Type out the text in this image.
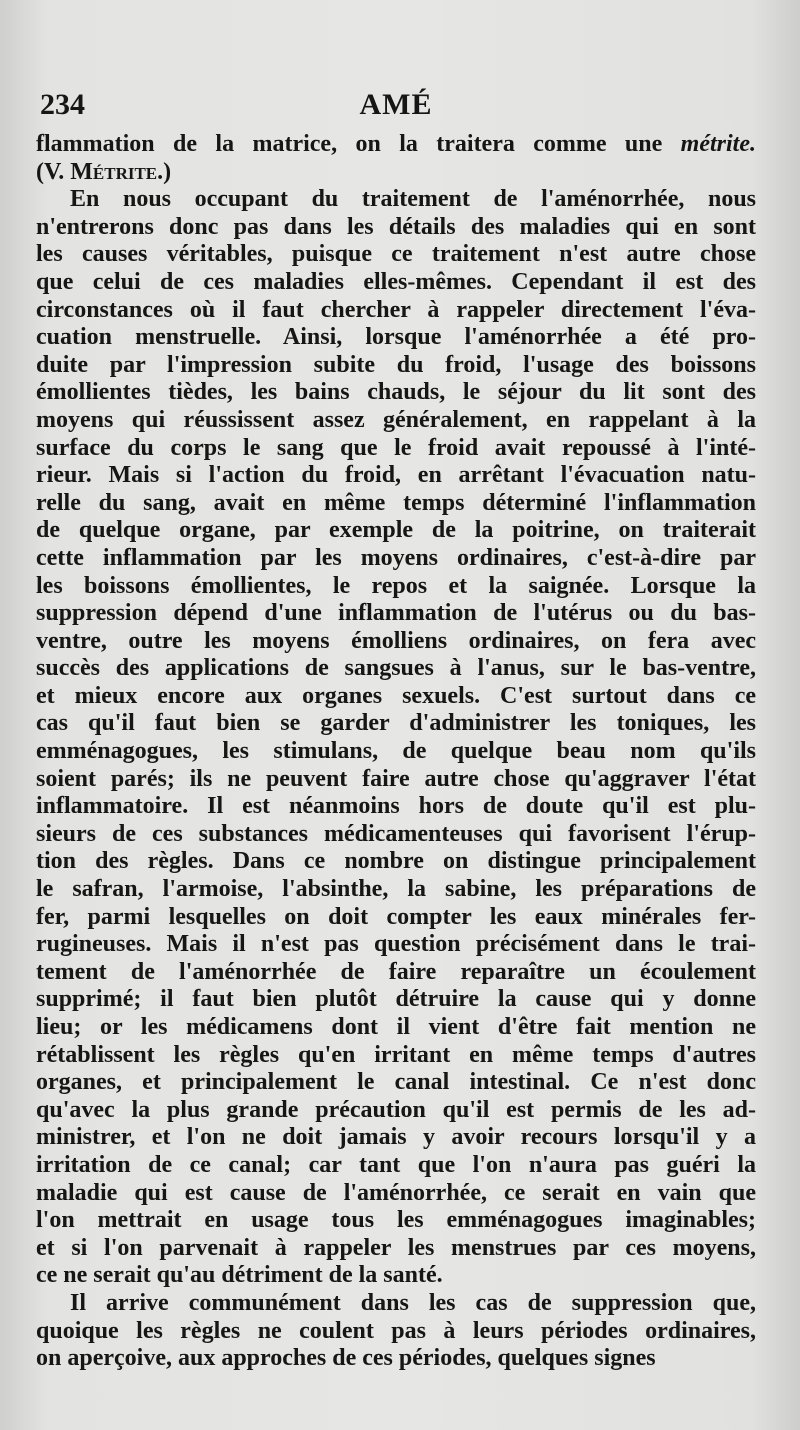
234	AMÉ
flammation de la matrice, on la traitera comme une métrite.
(V. Métrite.)
En nous occupant du traitement de l'aménorrhée, nous
n'entrerons donc pas dans les détails des maladies qui en sont
les causes véritables, puisque ce traitement n'est autre chose
que celui de ces maladies elles-mêmes. Cependant il est des
circonstances où il faut chercher à rappeler directement l'éva-
cuation menstruelle. Ainsi, lorsque l'aménorrhée a été pro-
duite par l'impression subite du froid, l'usage des boissons
émollientes tièdes, les bains chauds, le séjour du lit sont des
moyens qui réussissent assez généralement, en rappelant à la
surface du corps le sang que le froid avait repoussé à l'inté-
rieur. Mais si l'action du froid, en arrêtant l'évacuation natu-
relle du sang, avait en même temps déterminé l'inflammation
de quelque organe, par exemple de la poitrine, on traiterait
cette inflammation par les moyens ordinaires, c'est-à-dire par
les boissons émollientes, le repos et la saignée. Lorsque la
suppression dépend d'une inflammation de l'utérus ou du bas-
ventre, outre les moyens émolliens ordinaires, on fera avec
succès des applications de sangsues à l'anus, sur le bas-ventre,
et mieux encore aux organes sexuels. C'est surtout dans ce
cas qu'il faut bien se garder d'administrer les toniques, les
emménagogues, les stimulans, de quelque beau nom qu'ils
soient parés; ils ne peuvent faire autre chose qu'aggraver l'état
inflammatoire. Il est néanmoins hors de doute qu'il est plu-
sieurs de ces substances médicamenteuses qui favorisent l'érup-
tion des règles. Dans ce nombre on distingue principalement
le safran, l'armoise, l'absinthe, la sabine, les préparations de
fer, parmi lesquelles on doit compter les eaux minérales fer-
rugineuses. Mais il n'est pas question précisément dans le trai-
tement de l'aménorrhée de faire reparaître un écoulement
supprimé; il faut bien plutôt détruire la cause qui y donne
lieu; or les médicamens dont il vient d'être fait mention ne
rétablissent les règles qu'en irritant en même temps d'autres
organes, et principalement le canal intestinal. Ce n'est donc
qu'avec la plus grande précaution qu'il est permis de les ad-
ministrer, et l'on ne doit jamais y avoir recours lorsqu'il y a
irritation de ce canal; car tant que l'on n'aura pas guéri la
maladie qui est cause de l'aménorrhée, ce serait en vain que
l'on mettrait en usage tous les emménagogues imaginables;
et si l'on parvenait à rappeler les menstrues par ces moyens,
ce ne serait qu'au détriment de la santé.
Il arrive communément dans les cas de suppression que,
quoique les règles ne coulent pas à leurs périodes ordinaires,
on aperçoive, aux approches de ces périodes, quelques signes
